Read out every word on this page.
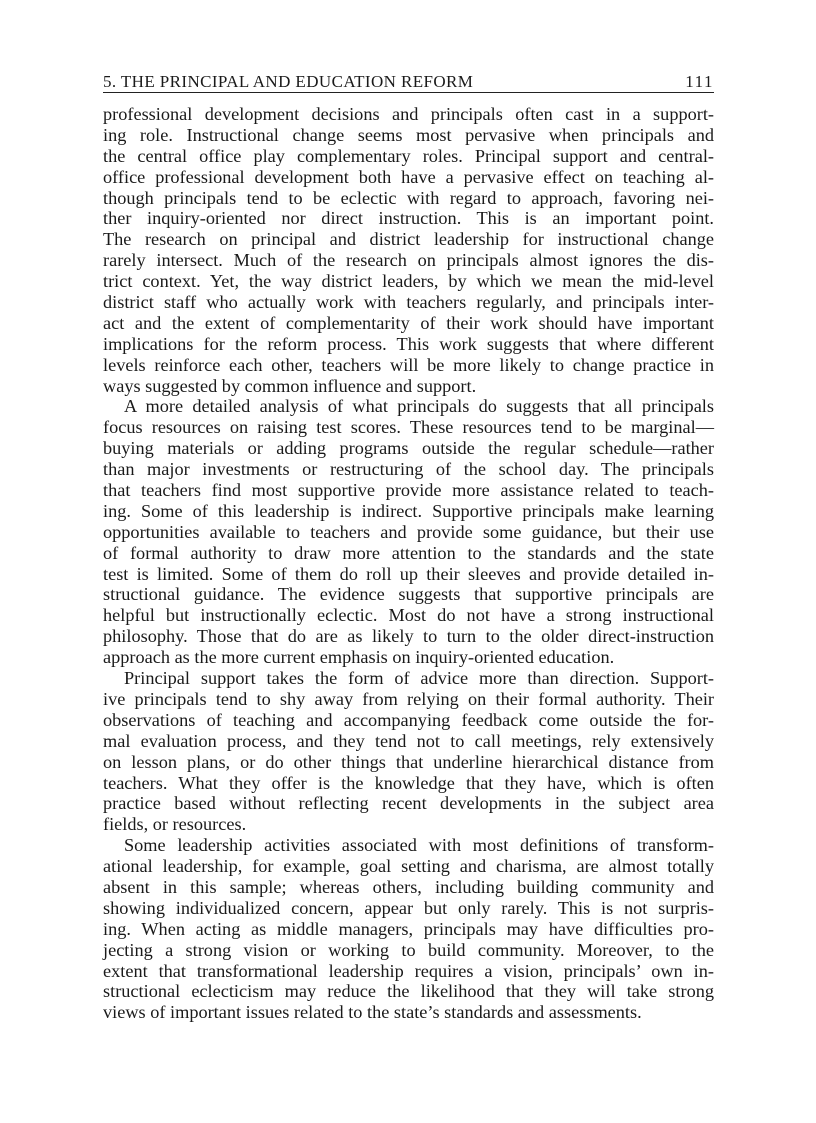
5. THE PRINCIPAL AND EDUCATION REFORM	111
professional development decisions and principals often cast in a support-
ing role. Instructional change seems most pervasive when principals and
the central office play complementary roles. Principal support and central-
office professional development both have a pervasive effect on teaching al-
though principals tend to be eclectic with regard to approach, favoring nei-
ther inquiry-oriented nor direct instruction. This is an important point.
The research on principal and district leadership for instructional change
rarely intersect. Much of the research on principals almost ignores the dis-
trict context. Yet, the way district leaders, by which we mean the mid-level
district staff who actually work with teachers regularly, and principals inter-
act and the extent of complementarity of their work should have important
implications for the reform process. This work suggests that where different
levels reinforce each other, teachers will be more likely to change practice in
ways suggested by common influence and support.
A more detailed analysis of what principals do suggests that all principals
focus resources on raising test scores. These resources tend to be marginal—
buying materials or adding programs outside the regular schedule—rather
than major investments or restructuring of the school day. The principals
that teachers find most supportive provide more assistance related to teach-
ing. Some of this leadership is indirect. Supportive principals make learning
opportunities available to teachers and provide some guidance, but their use
of formal authority to draw more attention to the standards and the state
test is limited. Some of them do roll up their sleeves and provide detailed in-
structional guidance. The evidence suggests that supportive principals are
helpful but instructionally eclectic. Most do not have a strong instructional
philosophy. Those that do are as likely to turn to the older direct-instruction
approach as the more current emphasis on inquiry-oriented education.
Principal support takes the form of advice more than direction. Support-
ive principals tend to shy away from relying on their formal authority. Their
observations of teaching and accompanying feedback come outside the for-
mal evaluation process, and they tend not to call meetings, rely extensively
on lesson plans, or do other things that underline hierarchical distance from
teachers. What they offer is the knowledge that they have, which is often
practice based without reflecting recent developments in the subject area
fields, or resources.
Some leadership activities associated with most definitions of transform-
ational leadership, for example, goal setting and charisma, are almost totally
absent in this sample; whereas others, including building community and
showing individualized concern, appear but only rarely. This is not surpris-
ing. When acting as middle managers, principals may have difficulties pro-
jecting a strong vision or working to build community. Moreover, to the
extent that transformational leadership requires a vision, principals’ own in-
structional eclecticism may reduce the likelihood that they will take strong
views of important issues related to the state’s standards and assessments.
